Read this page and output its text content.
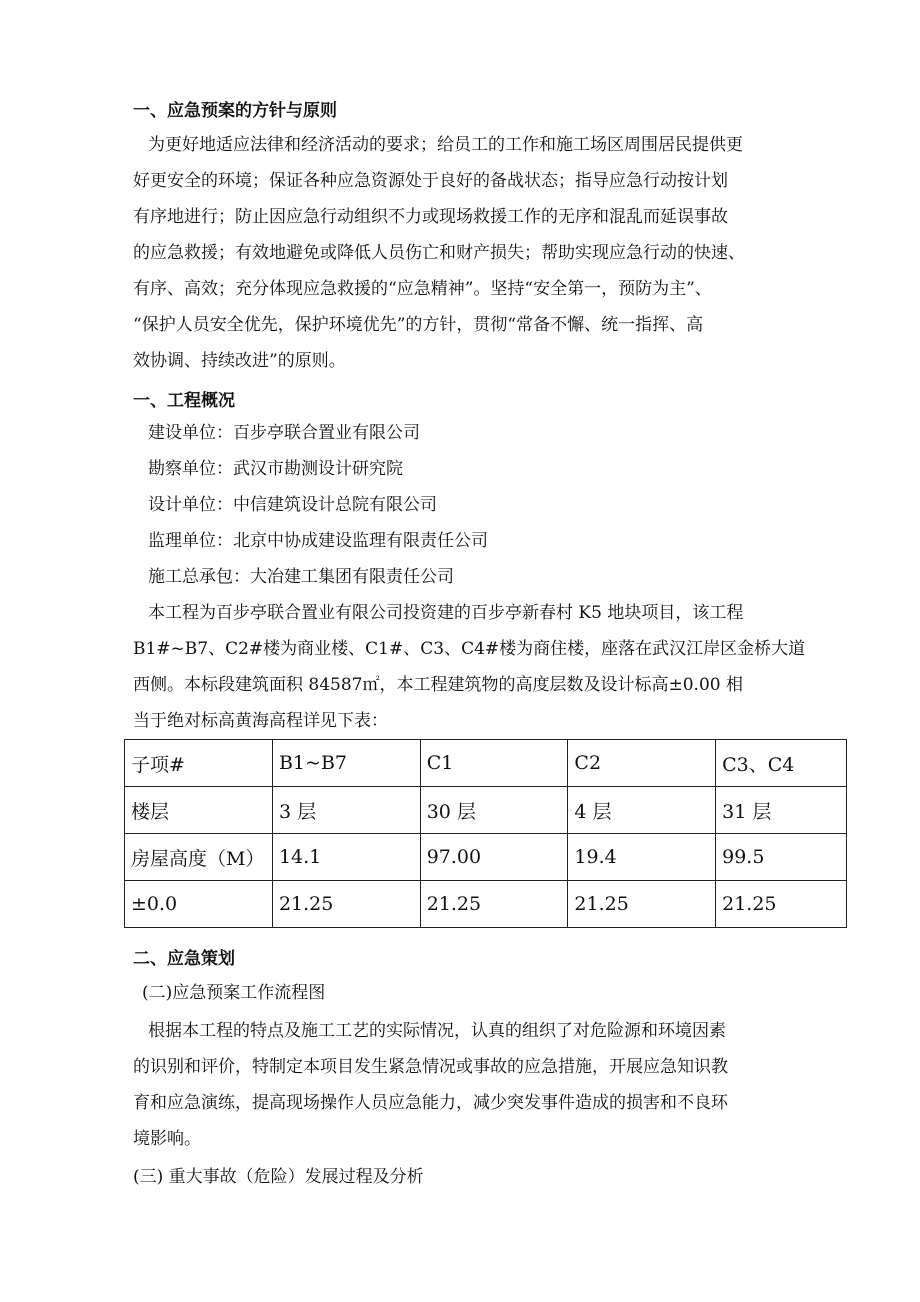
一、应急预案的方针与原则
为更好地适应法律和经济活动的要求；给员工的工作和施工场区周围居民提供更
好更安全的环境；保证各种应急资源处于良好的备战状态；指导应急行动按计划
有序地进行；防止因应急行动组织不力或现场救援工作的无序和混乱而延误事故
的应急救援；有效地避免或降低人员伤亡和财产损失；帮助实现应急行动的快速、
有序、高效；充分体现应急救援的“应急精神”。坚持“安全第一，预防为主”、
“保护人员安全优先，保护环境优先”的方针，贯彻“常备不懈、统一指挥、高
效协调、持续改进”的原则。
一、工程概况
建设单位：百步亭联合置业有限公司
勘察单位：武汉市勘测设计研究院
设计单位：中信建筑设计总院有限公司
监理单位：北京中协成建设监理有限责任公司
施工总承包：大冶建工集团有限责任公司
本工程为百步亭联合置业有限公司投资建的百步亭新春村 K5 地块项目，该工程
B1#~B7、C2#楼为商业楼、C1#、C3、C4#楼为商住楼，座落在武汉江岸区金桥大道
西侧。本标段建筑面积 84587㎡，本工程建筑物的高度层数及设计标高±0.00 相
当于绝对标高黄海高程详见下表：
子项#	B1~B7	C1	C2	C3、C4
楼层	3 层	30 层	4 层	31 层
房屋高度（M）	14.1	97.00	19.4	99.5
±0.0	21.25	21.25	21.25	21.25
二、应急策划
(二)应急预案工作流程图
根据本工程的特点及施工工艺的实际情况，认真的组织了对危险源和环境因素
的识别和评价，特制定本项目发生紧急情况或事故的应急措施，开展应急知识教
育和应急演练，提高现场操作人员应急能力，减少突发事件造成的损害和不良环
境影响。
(三) 重大事故（危险）发展过程及分析
